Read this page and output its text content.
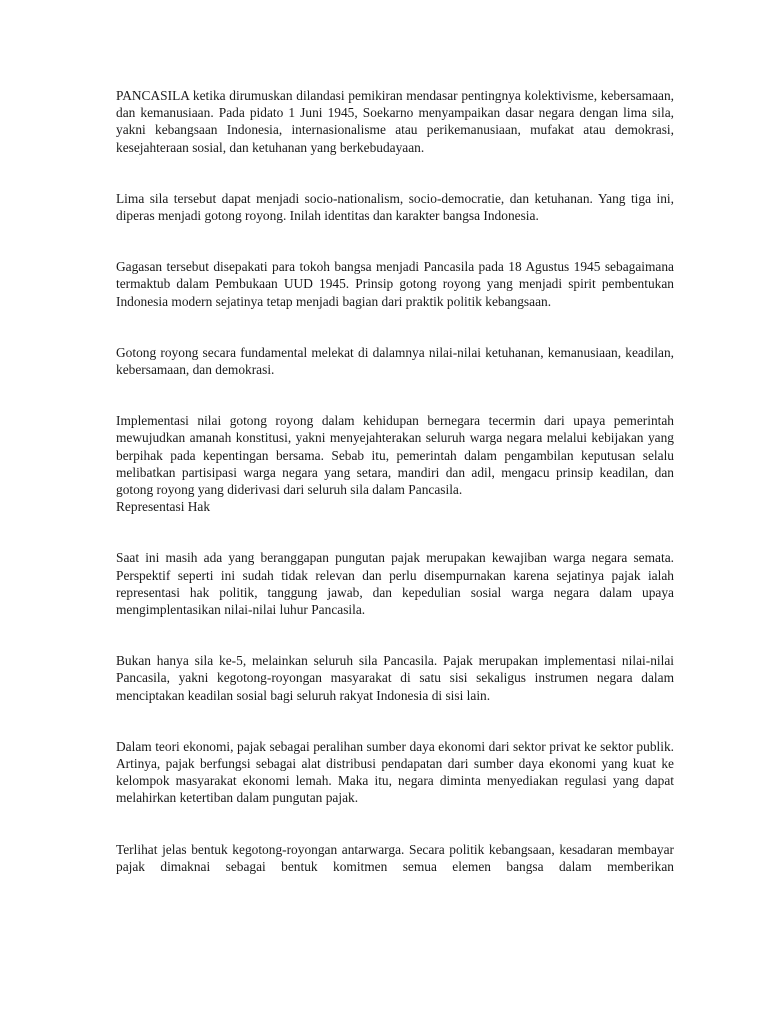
PANCASILA ketika dirumuskan dilandasi pemikiran mendasar pentingnya kolektivisme, kebersamaan, dan kemanusiaan. Pada pidato 1 Juni 1945, Soekarno menyampaikan dasar negara dengan lima sila, yakni kebangsaan Indonesia, internasionalisme atau perikemanusiaan, mufakat atau demokrasi, kesejahteraan sosial, dan ketuhanan yang berkebudayaan.

Lima sila tersebut dapat menjadi socio-nationalism, socio-democratie, dan ketuhanan. Yang tiga ini, diperas menjadi gotong royong. Inilah identitas dan karakter bangsa Indonesia.

Gagasan tersebut disepakati para tokoh bangsa menjadi Pancasila pada 18 Agustus 1945 sebagaimana termaktub dalam Pembukaan UUD 1945. Prinsip gotong royong yang menjadi spirit pembentukan Indonesia modern sejatinya tetap menjadi bagian dari praktik politik kebangsaan.

Gotong royong secara fundamental melekat di dalamnya nilai-nilai ketuhanan, kemanusiaan, keadilan, kebersamaan, dan demokrasi.

Implementasi nilai gotong royong dalam kehidupan bernegara tecermin dari upaya pemerintah mewujudkan amanah konstitusi, yakni menyejahterakan seluruh warga negara melalui kebijakan yang berpihak pada kepentingan bersama. Sebab itu, pemerintah dalam pengambilan keputusan selalu melibatkan partisipasi warga negara yang setara, mandiri dan adil, mengacu prinsip keadilan, dan gotong royong yang diderivasi dari seluruh sila dalam Pancasila.

Representasi Hak

Saat ini masih ada yang beranggapan pungutan pajak merupakan kewajiban warga negara semata. Perspektif seperti ini sudah tidak relevan dan perlu disempurnakan karena sejatinya pajak ialah representasi hak politik, tanggung jawab, dan kepedulian sosial warga negara dalam upaya mengimplentasikan nilai-nilai luhur Pancasila.

Bukan hanya sila ke-5, melainkan seluruh sila Pancasila. Pajak merupakan implementasi nilai-nilai Pancasila, yakni kegotong-royongan masyarakat di satu sisi sekaligus instrumen negara dalam menciptakan keadilan sosial bagi seluruh rakyat Indonesia di sisi lain.

Dalam teori ekonomi, pajak sebagai peralihan sumber daya ekonomi dari sektor privat ke sektor publik. Artinya, pajak berfungsi sebagai alat distribusi pendapatan dari sumber daya ekonomi yang kuat ke kelompok masyarakat ekonomi lemah. Maka itu, negara diminta menyediakan regulasi yang dapat melahirkan ketertiban dalam pungutan pajak.

Terlihat jelas bentuk kegotong-royongan antarwarga. Secara politik kebangsaan, kesadaran membayar pajak dimaknai sebagai bentuk komitmen semua elemen bangsa dalam memberikan
